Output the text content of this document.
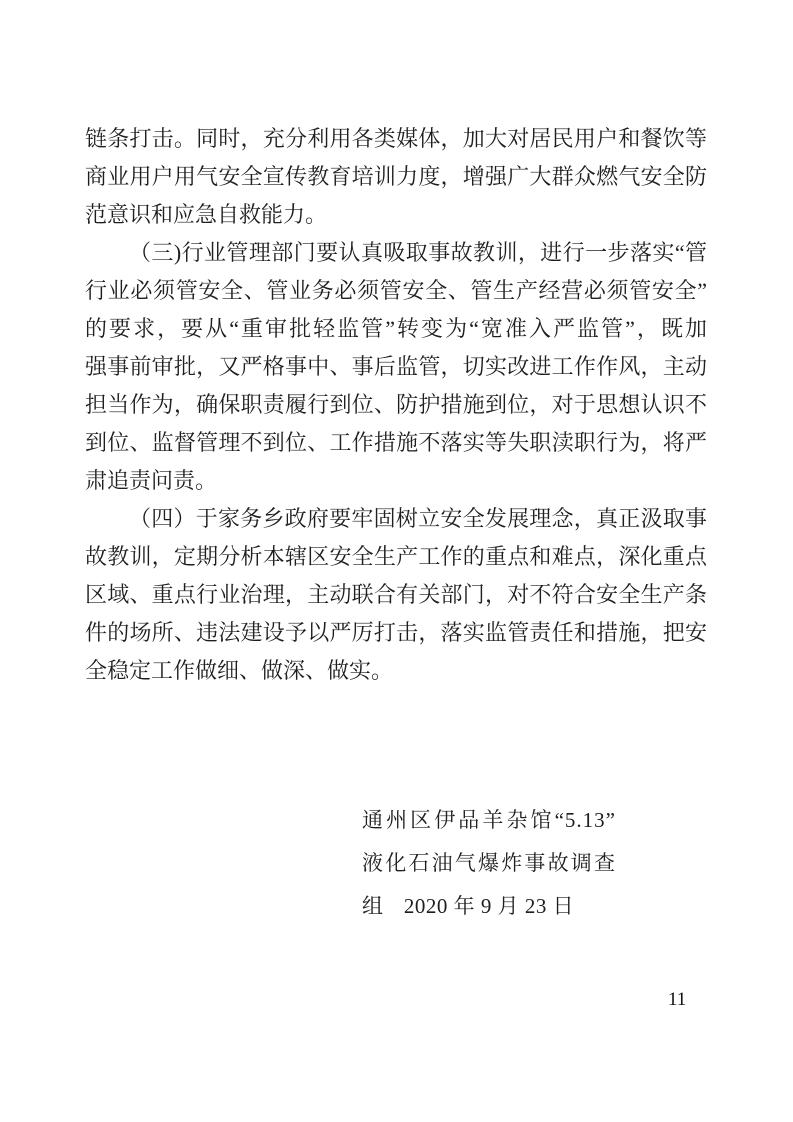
链条打击。同时，充分利用各类媒体，加大对居民用户和餐饮等
商业用户用气安全宣传教育培训力度，增强广大群众燃气安全防
范意识和应急自救能力。
（三)行业管理部门要认真吸取事故教训，进行一步落实“管
行业必须管安全、管业务必须管安全、管生产经营必须管安全”
的要求，要从“重审批轻监管”转变为“宽准入严监管”，既加
强事前审批，又严格事中、事后监管，切实改进工作作风，主动
担当作为，确保职责履行到位、防护措施到位，对于思想认识不
到位、监督管理不到位、工作措施不落实等失职渎职行为，将严
肃追责问责。
（四）于家务乡政府要牢固树立安全发展理念，真正汲取事
故教训，定期分析本辖区安全生产工作的重点和难点，深化重点
区域、重点行业治理，主动联合有关部门，对不符合安全生产条
件的场所、违法建设予以严厉打击，落实监管责任和措施，把安
全稳定工作做细、做深、做实。
通州区伊品羊杂馆“5.13”
液化石油气爆炸事故调查组 2020 年 9 月 23 日
11
